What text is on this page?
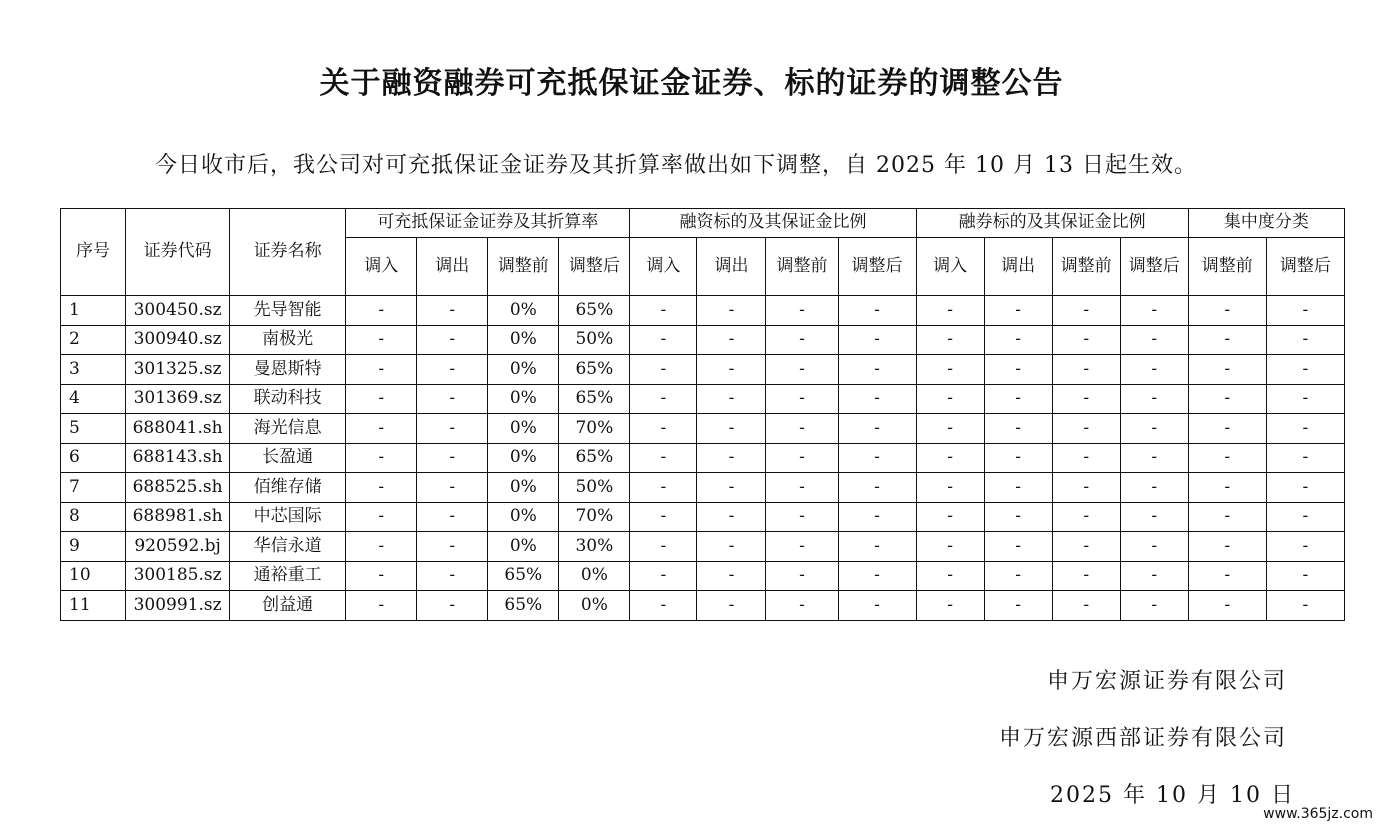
关于融资融券可充抵保证金证券、标的证券的调整公告
今日收市后，我公司对可充抵保证金证券及其折算率做出如下调整，自 2025 年 10 月 13 日起生效。
序号	证券代码	证券名称	可充抵保证金证券及其折算率				融资标的及其保证金比例				融券标的及其保证金比例				集中度分类	
			调入	调出	调整前	调整后	调入	调出	调整前	调整后	调入	调出	调整前	调整后	调整前	调整后
1	300450.sz	先导智能	-	-	0%	65%	-	-	-	-	-	-	-	-	-	-
2	300940.sz	南极光	-	-	0%	50%	-	-	-	-	-	-	-	-	-	-
3	301325.sz	曼恩斯特	-	-	0%	65%	-	-	-	-	-	-	-	-	-	-
4	301369.sz	联动科技	-	-	0%	65%	-	-	-	-	-	-	-	-	-	-
5	688041.sh	海光信息	-	-	0%	70%	-	-	-	-	-	-	-	-	-	-
6	688143.sh	长盈通	-	-	0%	65%	-	-	-	-	-	-	-	-	-	-
7	688525.sh	佰维存储	-	-	0%	50%	-	-	-	-	-	-	-	-	-	-
8	688981.sh	中芯国际	-	-	0%	70%	-	-	-	-	-	-	-	-	-	-
9	920592.bj	华信永道	-	-	0%	30%	-	-	-	-	-	-	-	-	-	-
10	300185.sz	通裕重工	-	-	65%	0%	-	-	-	-	-	-	-	-	-	-
11	300991.sz	创益通	-	-	65%	0%	-	-	-	-	-	-	-	-	-	-
申万宏源证券有限公司
申万宏源西部证券有限公司
2025 年 10 月 10 日
www.365jz.com
